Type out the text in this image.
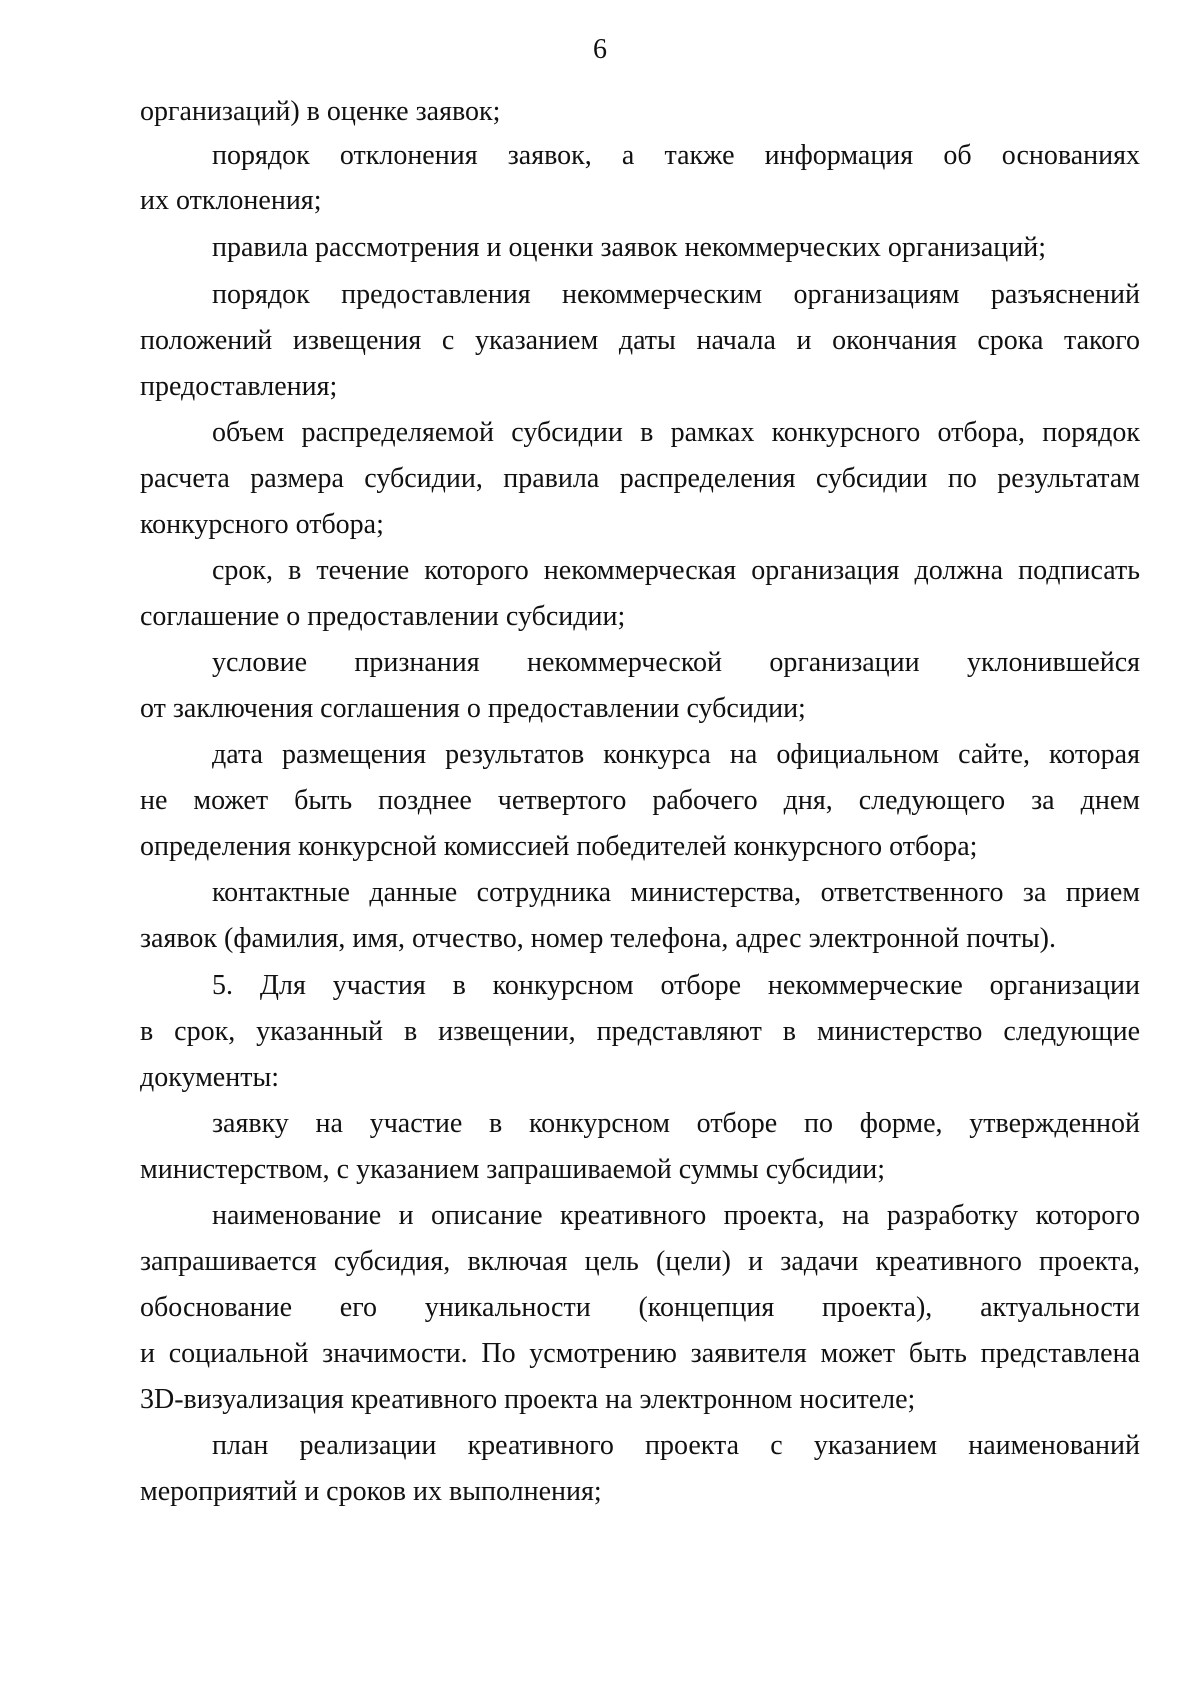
6
организаций) в оценке заявок;
порядок отклонения заявок, а также информация об основаниях
их отклонения;
правила рассмотрения и оценки заявок некоммерческих организаций;
порядок предоставления некоммерческим организациям разъяснений
положений извещения с указанием даты начала и окончания срока такого
предоставления;
объем распределяемой субсидии в рамках конкурсного отбора, порядок
расчета размера субсидии, правила распределения субсидии по результатам
конкурсного отбора;
срок, в течение которого некоммерческая организация должна подписать
соглашение о предоставлении субсидии;
условие признания некоммерческой организации уклонившейся
от заключения соглашения о предоставлении субсидии;
дата размещения результатов конкурса на официальном сайте, которая
не может быть позднее четвертого рабочего дня, следующего за днем
определения конкурсной комиссией победителей конкурсного отбора;
контактные данные сотрудника министерства, ответственного за прием
заявок (фамилия, имя, отчество, номер телефона, адрес электронной почты).
5. Для участия в конкурсном отборе некоммерческие организации
в срок, указанный в извещении, представляют в министерство следующие
документы:
заявку на участие в конкурсном отборе по форме, утвержденной
министерством, с указанием запрашиваемой суммы субсидии;
наименование и описание креативного проекта, на разработку которого
запрашивается субсидия, включая цель (цели) и задачи креативного проекта,
обоснование его уникальности (концепция проекта), актуальности
и социальной значимости. По усмотрению заявителя может быть представлена
3D-визуализация креативного проекта на электронном носителе;
план реализации креативного проекта с указанием наименований
мероприятий и сроков их выполнения;
